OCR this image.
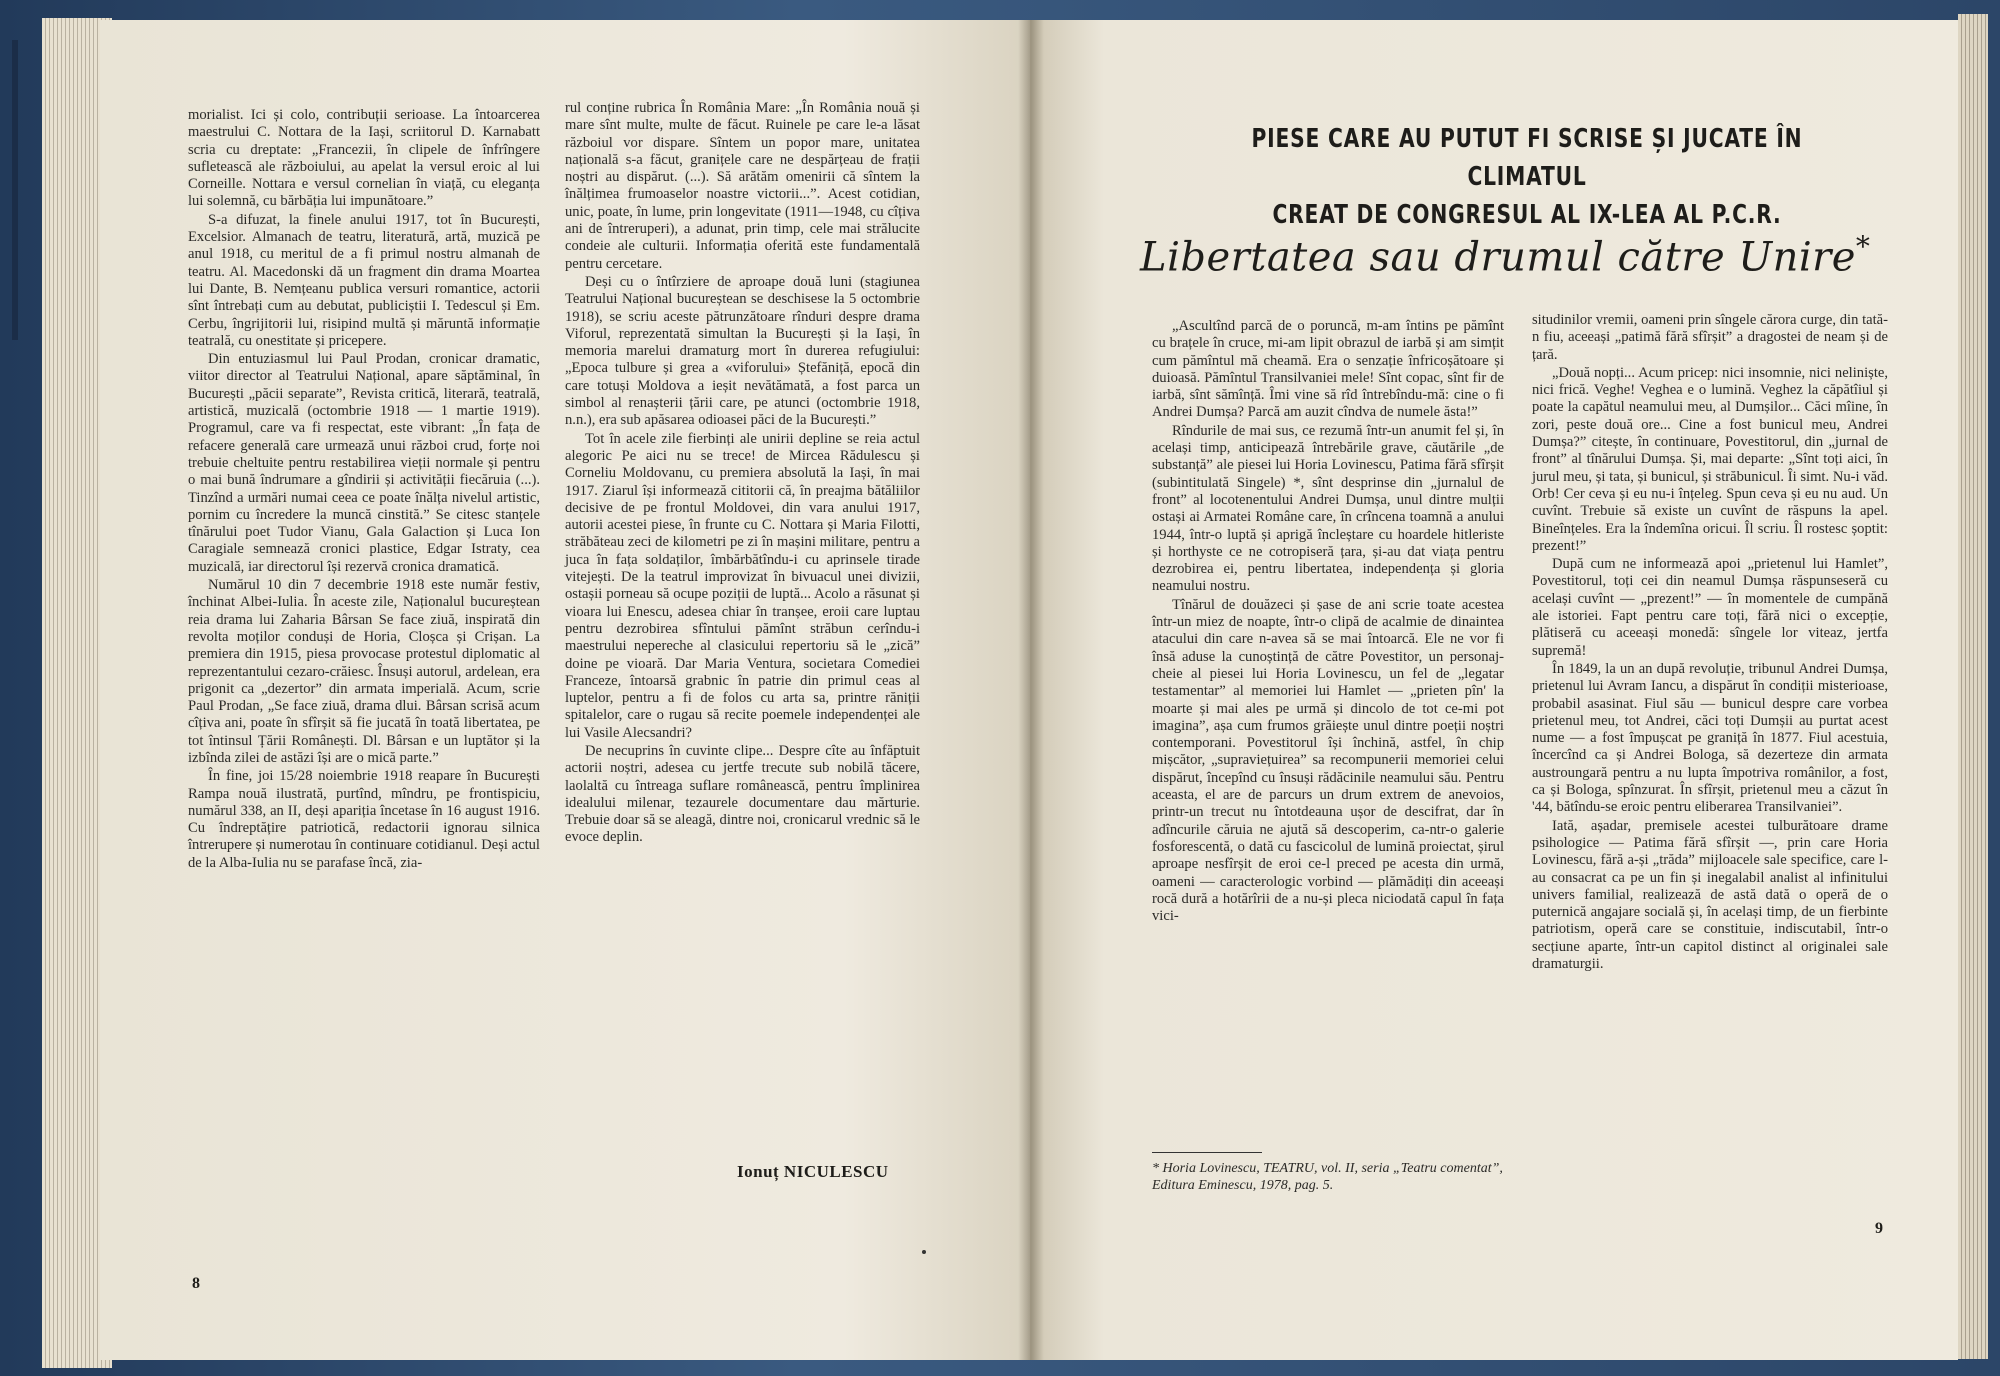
morialist. Ici și colo, contribuții serioase. La întoarcerea maestrului C. Nottara de la Iași, scriitorul D. Karnabatt scria cu dreptate: „Francezii, în clipele de înfrîngere sufletească ale războiului, au apelat la versul eroic al lui Corneille. Nottara e versul cornelian în viață, cu eleganța lui solemnă, cu bărbăția lui impunătoare.”

S-a difuzat, la finele anului 1917, tot în București, Excelsior. Almanach de teatru, literatură, artă, muzică pe anul 1918, cu meritul de a fi primul nostru almanah de teatru. Al. Macedonski dă un fragment din drama Moartea lui Dante, B. Nemțeanu publica versuri romantice, actorii sînt întrebați cum au debutat, publiciștii I. Tedescul și Em. Cerbu, îngrijitorii lui, risipind multă și măruntă informație teatrală, cu onestitate și pricepere.

Din entuziasmul lui Paul Prodan, cronicar dramatic, viitor director al Teatrului Național, apare săptăminal, în București „păcii separate”, Revista critică, literară, teatrală, artistică, muzicală (octombrie 1918 — 1 martie 1919). Programul, care va fi respectat, este vibrant: „În fața de refacere generală care urmează unui război crud, forțe noi trebuie cheltuite pentru restabilirea vieții normale și pentru o mai bună îndrumare a gîndirii și activității fiecăruia (...). Tinzînd a urmări numai ceea ce poate înălța nivelul artistic, pornim cu încredere la muncă cinstită.” Se citesc stanțele tînărului poet Tudor Vianu, Gala Galaction și Luca Ion Caragiale semnează cronici plastice, Edgar Istraty, cea muzicală, iar directorul își rezervă cronica dramatică.

Numărul 10 din 7 decembrie 1918 este număr festiv, închinat Albei-Iulia. În aceste zile, Naționalul bucureștean reia drama lui Zaharia Bârsan Se face ziuă, inspirată din revolta moților conduși de Horia, Cloșca și Crișan. La premiera din 1915, piesa provocase protestul diplomatic al reprezentantului cezaro-crăiesc. Însuși autorul, ardelean, era prigonit ca „dezertor” din armata imperială. Acum, scrie Paul Prodan, „Se face ziuă, drama dlui. Bârsan scrisă acum cîțiva ani, poate în sfîrșit să fie jucată în toată libertatea, pe tot întinsul Țării Românești. Dl. Bârsan e un luptător și la izbînda zilei de astăzi își are o mică parte.”

În fine, joi 15/28 noiembrie 1918 reapare în București Rampa nouă ilustrată, purtînd, mîndru, pe frontispiciu, numărul 338, an II, deși apariția încetase în 16 august 1916. Cu îndreptățire patriotică, redactorii ignorau silnica întrerupere și numerotau în continuare cotidianul. Deși actul de la Alba-Iulia nu se parafase încă, zia-

rul conține rubrica În România Mare: „În România nouă și mare sînt multe, multe de făcut. Ruinele pe care le-a lăsat războiul vor dispare. Sîntem un popor mare, unitatea națională s-a făcut, granițele care ne despărțeau de frații noștri au dispărut. (...). Să arătăm omenirii că sîntem la înălțimea frumoaselor noastre victorii...”. Acest cotidian, unic, poate, în lume, prin longevitate (1911—1948, cu cîțiva ani de întreruperi), a adunat, prin timp, cele mai strălucite condeie ale culturii. Informația oferită este fundamentală pentru cercetare.

Deși cu o întîrziere de aproape două luni (stagiunea Teatrului Național bucureștean se deschisese la 5 octombrie 1918), se scriu aceste pătrunzătoare rînduri despre drama Viforul, reprezentată simultan la București și la Iași, în memoria marelui dramaturg mort în durerea refugiului: „Epoca tulbure și grea a «viforului» Ștefăniță, epocă din care totuși Moldova a ieșit nevătămată, a fost parca un simbol al renașterii țării care, pe atunci (octombrie 1918, n.n.), era sub apăsarea odioasei păci de la București.”

Tot în acele zile fierbinți ale unirii depline se reia actul alegoric Pe aici nu se trece! de Mircea Rădulescu și Corneliu Moldovanu, cu premiera absolută la Iași, în mai 1917. Ziarul își informează cititorii că, în preajma bătăliilor decisive de pe frontul Moldovei, din vara anului 1917, autorii acestei piese, în frunte cu C. Nottara și Maria Filotti, străbăteau zeci de kilometri pe zi în mașini militare, pentru a juca în fața soldaților, îmbărbătîndu-i cu aprinsele tirade vitejești. De la teatrul improvizat în bivuacul unei divizii, ostașii porneau să ocupe poziții de luptă... Acolo a răsunat și vioara lui Enescu, adesea chiar în tranșee, eroii care luptau pentru dezrobirea sfîntului pămînt străbun cerîndu-i maestrului nepereche al clasicului repertoriu să le „zică” doine pe vioară. Dar Maria Ventura, societara Comediei Franceze, întoarsă grabnic în patrie din primul ceas al luptelor, pentru a fi de folos cu arta sa, printre răniții spitalelor, care o rugau să recite poemele independenței ale lui Vasile Alecsandri?

De necuprins în cuvinte clipe... Despre cîte au înfăptuit actorii noștri, adesea cu jertfe trecute sub nobilă tăcere, laolaltă cu întreaga suflare românească, pentru împlinirea idealului milenar, tezaurele documentare dau mărturie. Trebuie doar să se aleagă, dintre noi, cronicarul vrednic să le evoce deplin.

Ionuț NICULESCU
8
PIESE CARE AU PUTUT FI SCRISE ȘI JUCATE ÎN CLIMATUL
CREAT DE CONGRESUL AL IX-LEA AL P.C.R.
Libertatea sau drumul către Unire*

„Ascultînd parcă de o poruncă, m-am întins pe pămînt cu brațele în cruce, mi-am lipit obrazul de iarbă și am simțit cum pămîntul mă cheamă. Era o senzație înfricoșătoare și duioasă. Pămîntul Transilvaniei mele! Sînt copac, sînt fir de iarbă, sînt sămînță. Îmi vine să rîd întrebîndu-mă: cine o fi Andrei Dumșa? Parcă am auzit cîndva de numele ăsta!”

Rîndurile de mai sus, ce rezumă într-un anumit fel și, în același timp, anticipează întrebările grave, căutările „de substanță” ale piesei lui Horia Lovinescu, Patima fără sfîrșit (subintitulată Singele) *, sînt desprinse din „jurnalul de front” al locotenentului Andrei Dumșa, unul dintre mulții ostași ai Armatei Române care, în crîncena toamnă a anului 1944, într-o luptă și aprigă încleștare cu hoardele hitleriste și horthyste ce ne cotropiseră țara, și-au dat viața pentru dezrobirea ei, pentru libertatea, independența și gloria neamului nostru.

Tînărul de douăzeci și șase de ani scrie toate acestea într-un miez de noapte, într-o clipă de acalmie de dinaintea atacului din care n-avea să se mai întoarcă. Ele ne vor fi însă aduse la cunoștință de către Povestitor, un personaj-cheie al piesei lui Horia Lovinescu, un fel de „legatar testamentar” al memoriei lui Hamlet — „prieten pîn' la moarte și mai ales pe urmă și dincolo de tot ce-mi pot imagina”, așa cum frumos grăiește unul dintre poeții noștri contemporani. Povestitorul își închină, astfel, în chip mișcător, „supraviețuirea” sa recompunerii memoriei celui dispărut, începînd cu însuși rădăcinile neamului său. Pentru aceasta, el are de parcurs un drum extrem de anevoios, printr-un trecut nu întotdeauna ușor de descifrat, dar în adîncurile căruia ne ajută să descoperim, ca-ntr-o galerie fosforescentă, o dată cu fascicolul de lumină proiectat, șirul aproape nesfîrșit de eroi ce-l preced pe acesta din urmă, oameni — caracterologic vorbind — plămădiți din aceeași rocă dură a hotărîrii de a nu-și pleca niciodată capul în fața vici-

* Horia Lovinescu, TEATRU, vol. II, seria „Teatru comentat”, Editura Eminescu, 1978, pag. 5.

situdinilor vremii, oameni prin sîngele cărora curge, din tată-n fiu, aceeași „patimă fără sfîrșit” a dragostei de neam și de țară.

„Două nopți... Acum pricep: nici insomnie, nici neliniște, nici frică. Veghe! Veghea e o lumină. Veghez la căpătîiul și poate la capătul neamului meu, al Dumșilor... Căci mîine, în zori, peste două ore... Cine a fost bunicul meu, Andrei Dumșa?” citește, în continuare, Povestitorul, din „jurnal de front” al tînărului Dumșa. Și, mai departe: „Sînt toți aici, în jurul meu, și tata, și bunicul, și străbunicul. Îi simt. Nu-i văd. Orb! Cer ceva și eu nu-i înțeleg. Spun ceva și eu nu aud. Un cuvînt. Trebuie să existe un cuvînt de răspuns la apel. Bineînțeles. Era la îndemîna oricui. Îl scriu. Îl rostesc șoptit: prezent!”

După cum ne informează apoi „prietenul lui Hamlet”, Povestitorul, toți cei din neamul Dumșa răspunseseră cu același cuvînt — „prezent!” — în momentele de cumpănă ale istoriei. Fapt pentru care toți, fără nici o excepție, plătiseră cu aceeași monedă: sîngele lor viteaz, jertfa supremă!

În 1849, la un an după revoluție, tribunul Andrei Dumșa, prietenul lui Avram Iancu, a dispărut în condiții misterioase, probabil asasinat. Fiul său — bunicul despre care vorbea prietenul meu, tot Andrei, căci toți Dumșii au purtat acest nume — a fost împușcat pe graniță în 1877. Fiul acestuia, încercînd ca și Andrei Bologa, să dezerteze din armata austroungară pentru a nu lupta împotriva românilor, a fost, ca și Bologa, spînzurat. În sfîrșit, prietenul meu a căzut în '44, bătîndu-se eroic pentru eliberarea Transilvaniei”.

Iată, așadar, premisele acestei tulburătoare drame psihologice — Patima fără sfîrșit —, prin care Horia Lovinescu, fără a-și „trăda” mijloacele sale specifice, care l-au consacrat ca pe un fin și inegalabil analist al infinitului univers familial, realizează de astă dată o operă de o puternică angajare socială și, în același timp, de un fierbinte patriotism, operă care se constituie, indiscutabil, într-o secțiune aparte, într-un capitol distinct al originalei sale dramaturgii.

9
